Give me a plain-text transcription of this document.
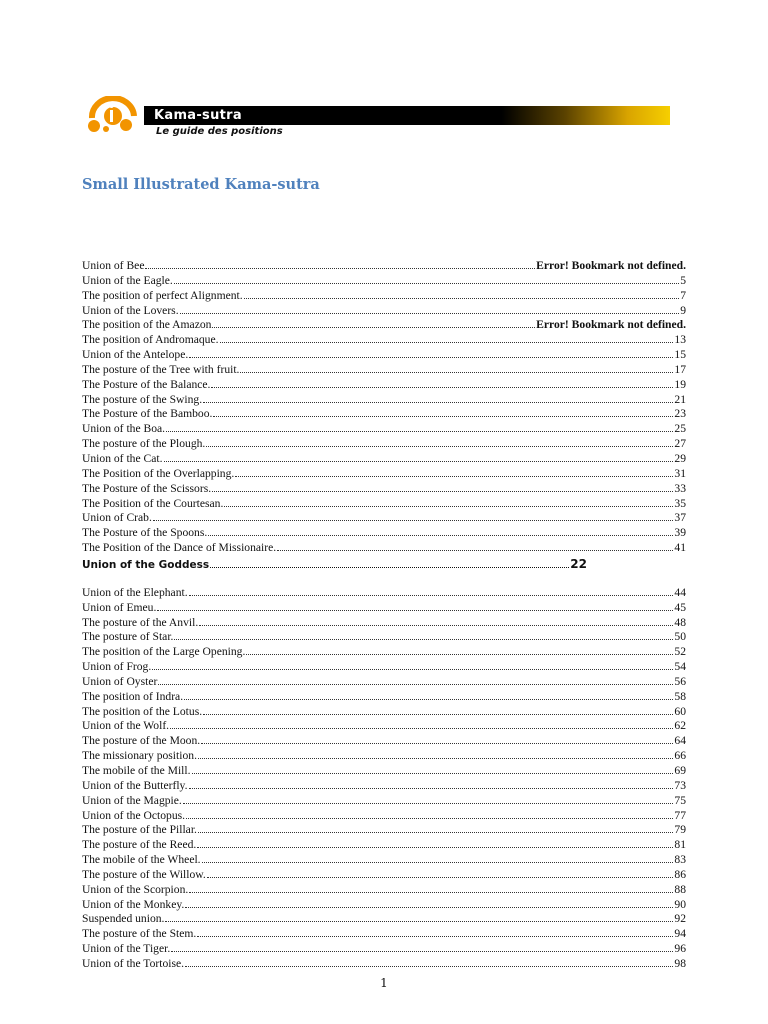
Kama-sutra
Le guide des positions
Small Illustrated Kama-sutra
Union of Bee	Error! Bookmark not defined.
Union of the Eagle.	5
The position of perfect Alignment.	7
Union of the Lovers.	9
The position of the Amazon	Error! Bookmark not defined.
The position of Andromaque.	13
Union of the Antelope.	15
The posture of the Tree with fruit.	17
The Posture of the Balance.	19
The posture of the Swing.	21
The Posture of the Bamboo.	23
Union of the Boa.	25
The posture of the Plough.	27
Union of the Cat.	29
The Position of the Overlapping.	31
The Posture of the Scissors.	33
The Position of the Courtesan.	35
Union of Crab.	37
The Posture of the Spoons.	39
The Position of the Dance of Missionaire.	41
Union of the Goddess	22
Union of the Elephant.	44
Union of Emeu.	45
The posture of the Anvil.	48
The posture of Star.	50
The position of the Large Opening.	52
Union of Frog.	54
Union of Oyster	56
The position of Indra.	58
The position of the Lotus.	60
Union of the Wolf.	62
The posture of the Moon.	64
The missionary position.	66
The mobile of the Mill.	69
Union of the Butterfly.	73
Union of the Magpie.	75
Union of the Octopus.	77
The posture of the Pillar.	79
The posture of the Reed.	81
The mobile of the Wheel.	83
The posture of the Willow.	86
Union of the Scorpion.	88
Union of the Monkey.	90
Suspended union.	92
The posture of the Stem.	94
Union of the Tiger.	96
Union of the Tortoise.	98
1
